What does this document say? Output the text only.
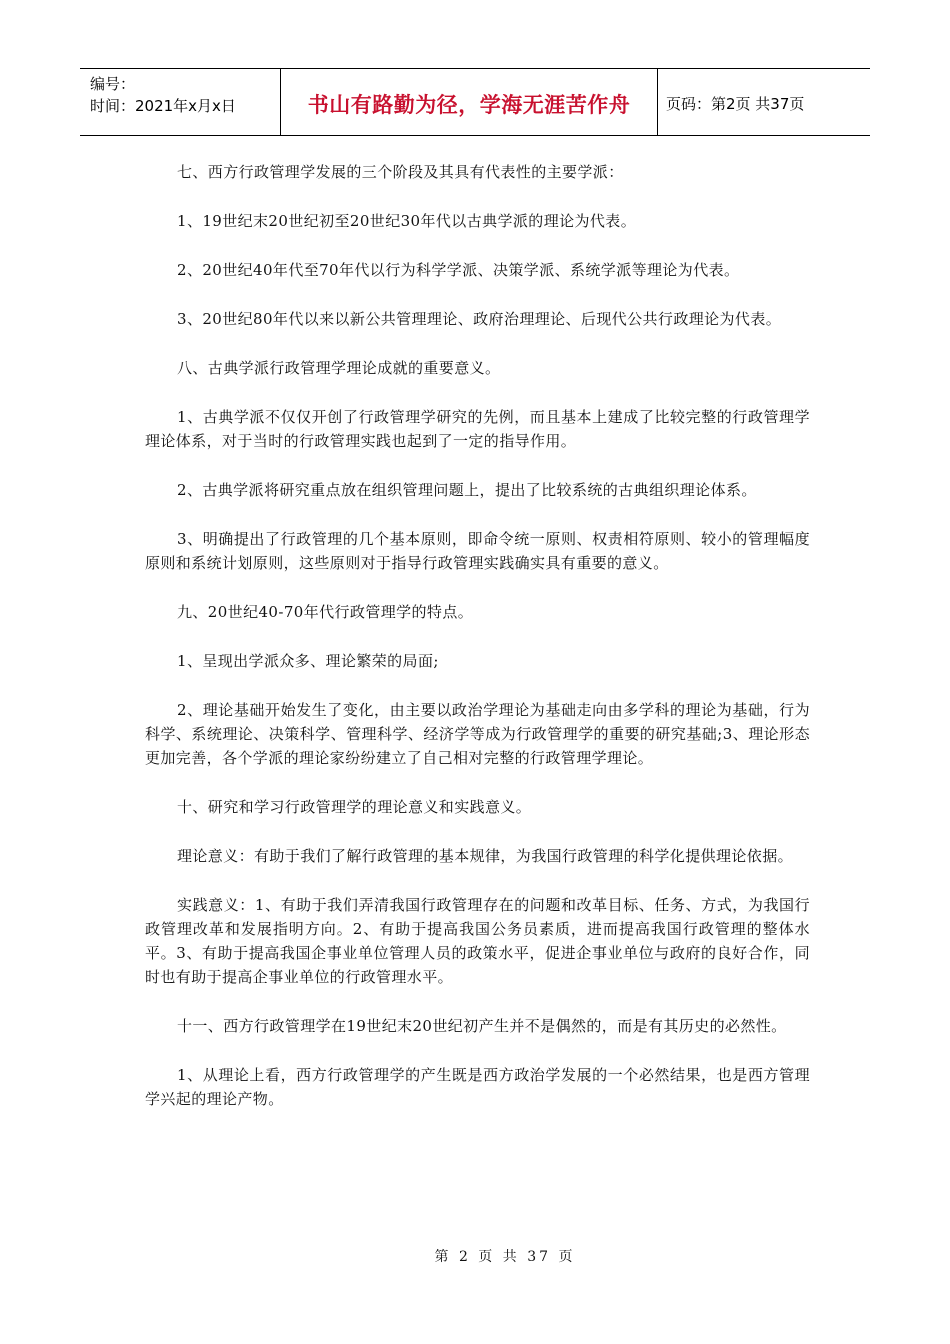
编号：
时间：2021年x月x日	书山有路勤为径，学海无涯苦作舟 页码：第2页 共37页

七、西方行政管理学发展的三个阶段及其具有代表性的主要学派：

1、19世纪末20世纪初至20世纪30年代以古典学派的理论为代表。

2、20世纪40年代至70年代以行为科学学派、决策学派、系统学派等理论为代表。

3、20世纪80年代以来以新公共管理理论、政府治理理论、后现代公共行政理论为代表。

八、古典学派行政管理学理论成就的重要意义。

1、古典学派不仅仅开创了行政管理学研究的先例，而且基本上建成了比较完整的行政管理学理论体系，对于当时的行政管理实践也起到了一定的指导作用。

2、古典学派将研究重点放在组织管理问题上，提出了比较系统的古典组织理论体系。

3、明确提出了行政管理的几个基本原则，即命令统一原则、权责相符原则、较小的管理幅度原则和系统计划原则，这些原则对于指导行政管理实践确实具有重要的意义。

九、20世纪40-70年代行政管理学的特点。

1、呈现出学派众多、理论繁荣的局面;

2、理论基础开始发生了变化，由主要以政治学理论为基础走向由多学科的理论为基础，行为科学、系统理论、决策科学、管理科学、经济学等成为行政管理学的重要的研究基础;3、理论形态更加完善，各个学派的理论家纷纷建立了自己相对完整的行政管理学理论。

十、研究和学习行政管理学的理论意义和实践意义。

理论意义：有助于我们了解行政管理的基本规律，为我国行政管理的科学化提供理论依据。

实践意义：1、有助于我们弄清我国行政管理存在的问题和改革目标、任务、方式，为我国行政管理改革和发展指明方向。2、有助于提高我国公务员素质，进而提高我国行政管理的整体水平。3、有助于提高我国企事业单位管理人员的政策水平，促进企事业单位与政府的良好合作，同时也有助于提高企事业单位的行政管理水平。

十一、西方行政管理学在19世纪末20世纪初产生并不是偶然的，而是有其历史的必然性。

1、从理论上看，西方行政管理学的产生既是西方政治学发展的一个必然结果，也是西方管理学兴起的理论产物。

第 2 页 共 37 页
